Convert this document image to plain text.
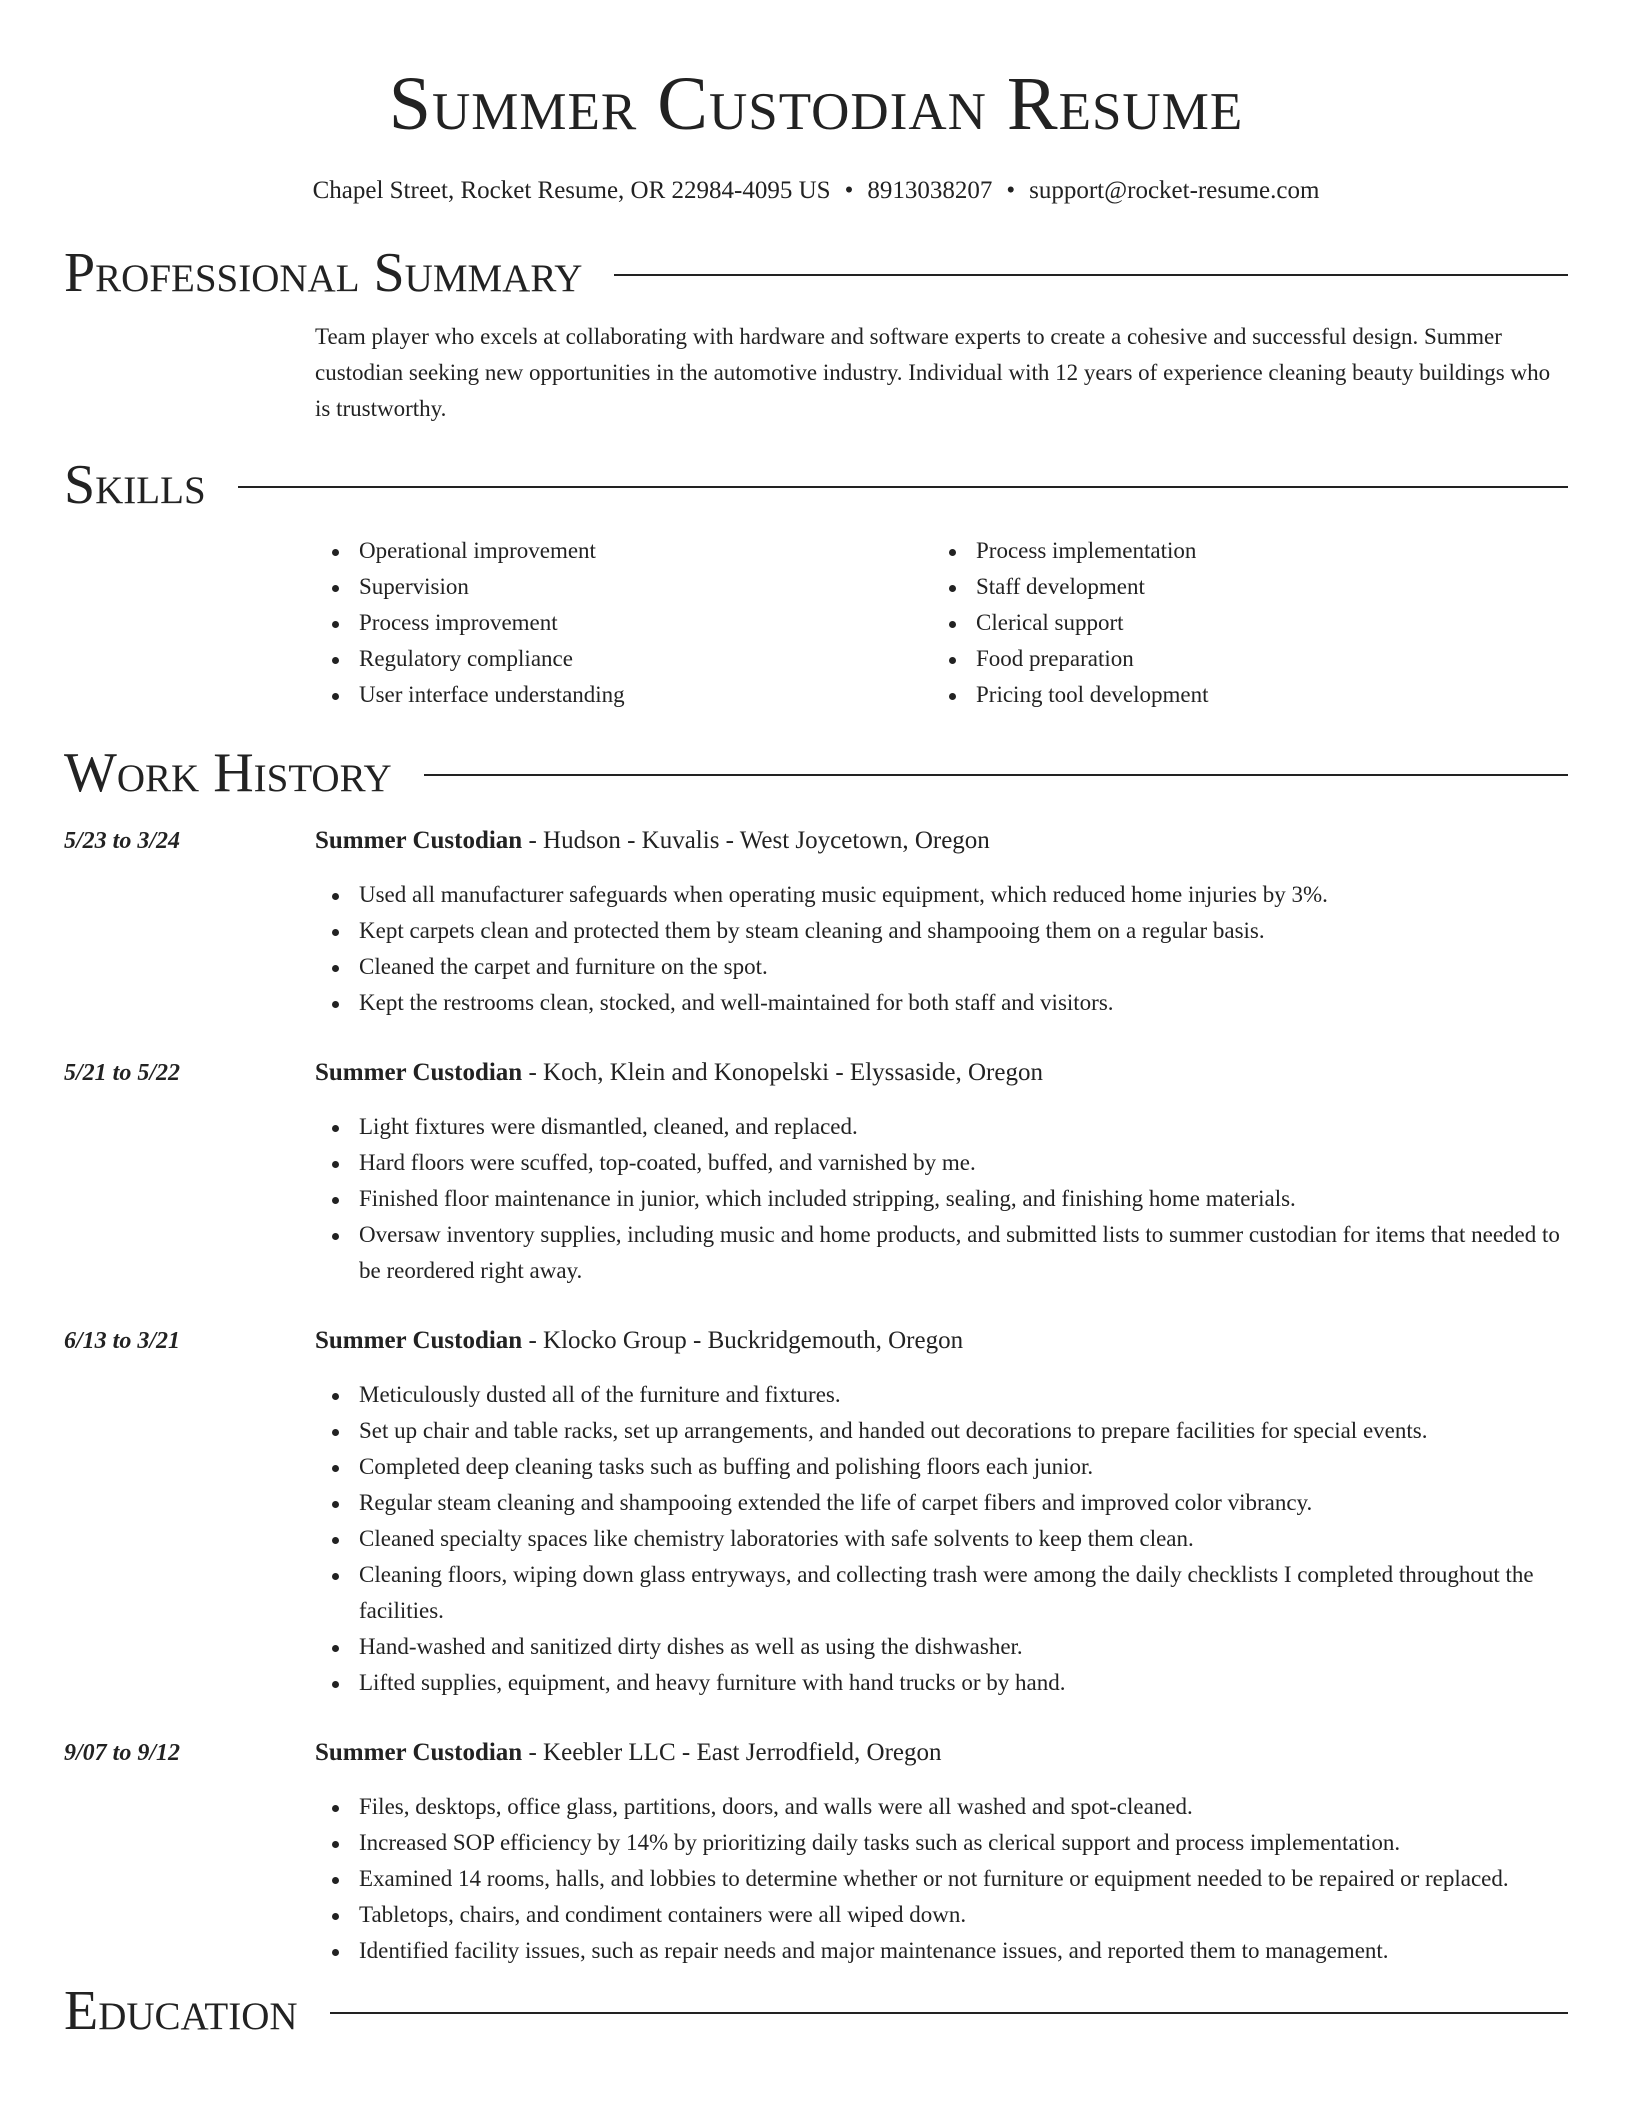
Summer Custodian Resume
Chapel Street, Rocket Resume, OR 22984-4095 US • 8913038207 • support@rocket-resume.com
Professional Summary

Team player who excels at collaborating with hardware and software experts to create a cohesive and successful design. Summer custodian seeking new opportunities in the automotive industry. Individual with 12 years of experience cleaning beauty buildings who is trustworthy.

Skills
Operational improvement
Supervision
Process improvement
Regulatory compliance
User interface understanding
Process implementation
Staff development
Clerical support
Food preparation
Pricing tool development
Work History
5/23 to 3/24	Summer Custodian - Hudson - Kuvalis - West Joycetown, Oregon
Used all manufacturer safeguards when operating music equipment, which reduced home injuries by 3%.
Kept carpets clean and protected them by steam cleaning and shampooing them on a regular basis.
Cleaned the carpet and furniture on the spot.
Kept the restrooms clean, stocked, and well-maintained for both staff and visitors.
5/21 to 5/22	Summer Custodian - Koch, Klein and Konopelski - Elyssaside, Oregon
Light fixtures were dismantled, cleaned, and replaced.
Hard floors were scuffed, top-coated, buffed, and varnished by me.
Finished floor maintenance in junior, which included stripping, sealing, and finishing home materials.
Oversaw inventory supplies, including music and home products, and submitted lists to summer custodian for items that needed to be reordered right away.
6/13 to 3/21	Summer Custodian - Klocko Group - Buckridgemouth, Oregon
Meticulously dusted all of the furniture and fixtures.
Set up chair and table racks, set up arrangements, and handed out decorations to prepare facilities for special events.
Completed deep cleaning tasks such as buffing and polishing floors each junior.
Regular steam cleaning and shampooing extended the life of carpet fibers and improved color vibrancy.
Cleaned specialty spaces like chemistry laboratories with safe solvents to keep them clean.
Cleaning floors, wiping down glass entryways, and collecting trash were among the daily checklists I completed throughout the facilities.
Hand-washed and sanitized dirty dishes as well as using the dishwasher.
Lifted supplies, equipment, and heavy furniture with hand trucks or by hand.
9/07 to 9/12	Summer Custodian - Keebler LLC - East Jerrodfield, Oregon
Files, desktops, office glass, partitions, doors, and walls were all washed and spot-cleaned.
Increased SOP efficiency by 14% by prioritizing daily tasks such as clerical support and process implementation.
Examined 14 rooms, halls, and lobbies to determine whether or not furniture or equipment needed to be repaired or replaced.
Tabletops, chairs, and condiment containers were all wiped down.
Identified facility issues, such as repair needs and major maintenance issues, and reported them to management.
Education
